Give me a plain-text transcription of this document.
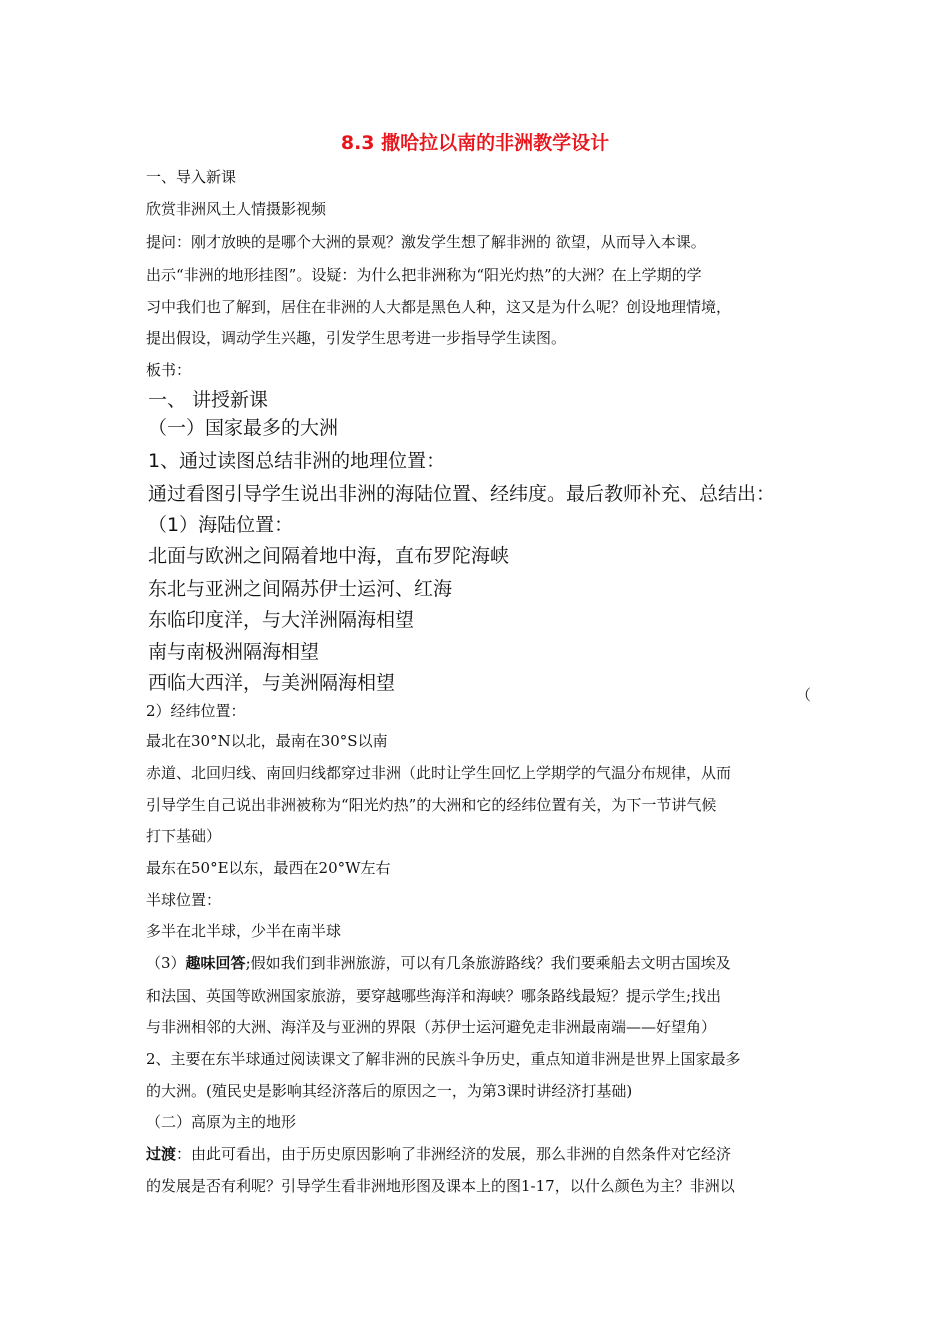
8.3 撒哈拉以南的非洲教学设计
一、导入新课
欣赏非洲风土人情摄影视频
提问：刚才放映的是哪个大洲的景观？激发学生想了解非洲的 欲望，从而导入本课。
出示“非洲的地形挂图”。设疑：为什么把非洲称为“阳光灼热”的大洲？在上学期的学
习中我们也了解到，居住在非洲的人大都是黑色人种，这又是为什么呢？创设地理情境，
提出假设，调动学生兴趣，引发学生思考进一步指导学生读图。
板书：
一、 讲授新课
（一）国家最多的大洲
1、通过读图总结非洲的地理位置：
通过看图引导学生说出非洲的海陆位置、经纬度。最后教师补充、总结出：
（1）海陆位置：
北面与欧洲之间隔着地中海，直布罗陀海峡
东北与亚洲之间隔苏伊士运河、红海
东临印度洋，与大洋洲隔海相望
南与南极洲隔海相望
西临大西洋，与美洲隔海相望
（
2）经纬位置：
最北在30°N以北，最南在30°S以南
赤道、北回归线、南回归线都穿过非洲（此时让学生回忆上学期学的气温分布规律，从而
引导学生自己说出非洲被称为“阳光灼热”的大洲和它的经纬位置有关，为下一节讲气候
打下基础）
最东在50°E以东，最西在20°W左右
半球位置：
多半在北半球，少半在南半球
（3）趣味回答;假如我们到非洲旅游，可以有几条旅游路线？我们要乘船去文明古国埃及
和法国、英国等欧洲国家旅游，要穿越哪些海洋和海峡？哪条路线最短？提示学生;找出
与非洲相邻的大洲、海洋及与亚洲的界限（苏伊士运河避免走非洲最南端——好望角）
2、主要在东半球通过阅读课文了解非洲的民族斗争历史，重点知道非洲是世界上国家最多
的大洲。(殖民史是影响其经济落后的原因之一，为第3课时讲经济打基础)
（二）高原为主的地形
过渡：由此可看出，由于历史原因影响了非洲经济的发展，那么非洲的自然条件对它经济
的发展是否有利呢？引导学生看非洲地形图及课本上的图1-17，以什么颜色为主？非洲以
